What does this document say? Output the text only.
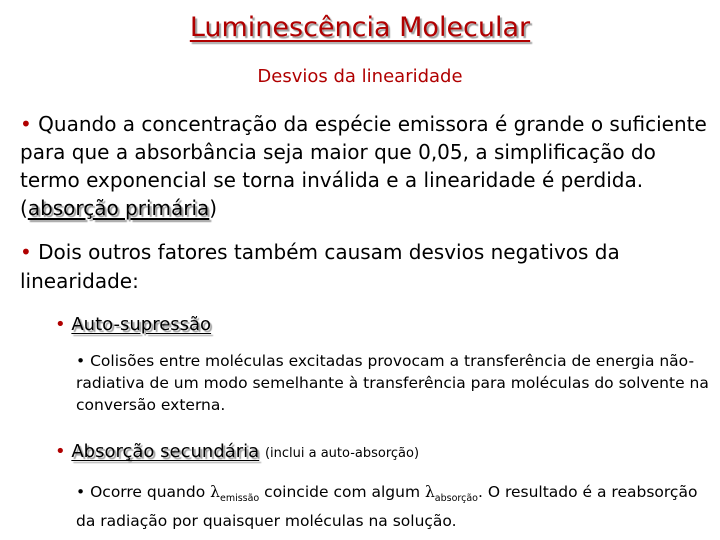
Luminescência Molecular
Desvios da linearidade
• Quando a concentração da espécie emissora é grande o suficiente para que a absorbância seja maior que 0,05, a simplificação do termo exponencial se torna inválida e a linearidade é perdida. (absorção primária)
• Dois outros fatores também causam desvios negativos da linearidade:
• Auto-supressão
• Colisões entre moléculas excitadas provocam a transferência de energia não-radiativa de um modo semelhante à transferência para moléculas do solvente na conversão externa.
• Absorção secundária (inclui a auto-absorção)
• Ocorre quando $\lambda_{emissão}$ coincide com algum $\lambda_{absorção}$. O resultado é a reabsorção da radiação por quaisquer moléculas na solução.
